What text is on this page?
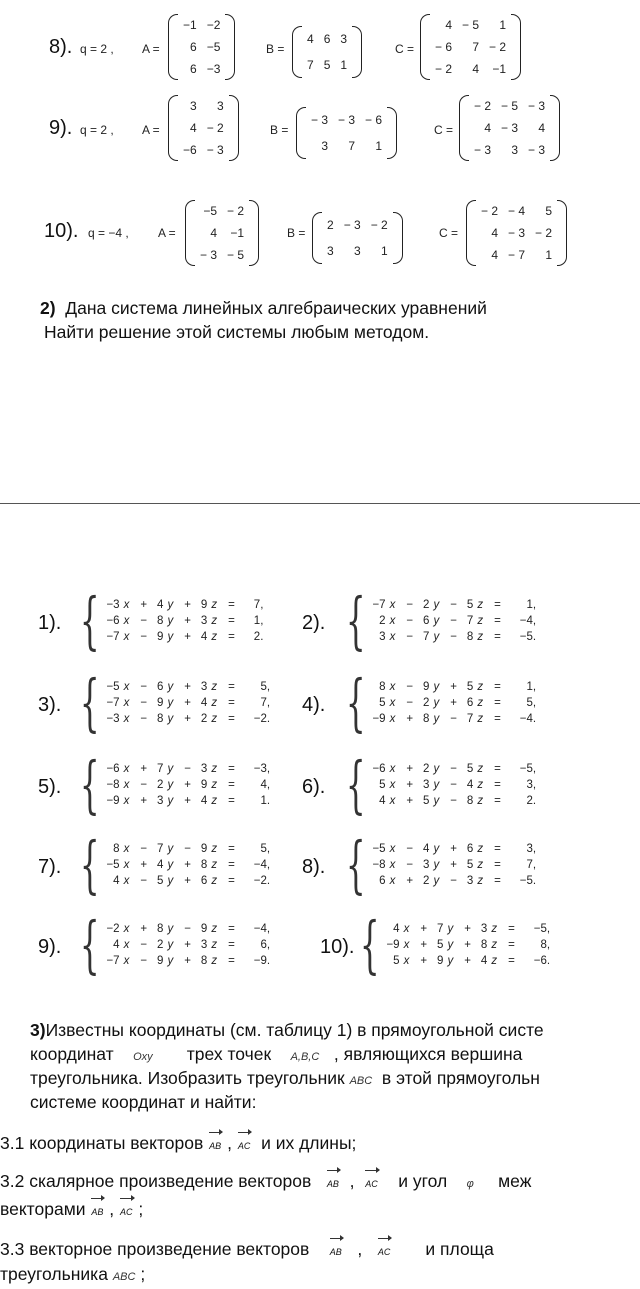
8). q = 2 , A =	B =	C =
−1	−2
6	−5
6	−3
4	6	3
7	5	1
4	− 5	1
− 6	7	− 2
− 2	4	−1
9). q = 2 , A =	B =	C =
3	3
4	− 2
−6	− 3
− 3	− 3	− 6
3	7	1
− 2	− 5	− 3
4	− 3	4
− 3	3	− 3
10). q = −4 , A =	B =	C =
−5	− 2
4	−1
− 3	− 5
2	− 3	− 2
3	3	1
− 2	− 4	5
4	− 3	− 2
4	− 7	1
2) Дана система линейных алгебраических уравнений
Найти решение этой системы любым методом.
1). { −3	x	+	4	y	+	9	z	=	7,
−6	x	−	8	y	+	3	z	=	1,
−7	x	−	9	y	+	4	z	=	2.
2). { −7	x	−	2	y	−	5	z	=	1,
2	x	−	6	y	−	7	z	=	−4,
3	x	−	7	y	−	8	z	=	−5.
3). { −5	x	−	6	y	+	3	z	=	5,
−7	x	−	9	y	+	4	z	=	7,
−3	x	−	8	y	+	2	z	=	−2.
4). { 8	x	−	9	y	+	5	z	=	1,
5	x	−	2	y	+	6	z	=	5,
−9	x	+	8	y	−	7	z	=	−4.
5). { −6	x	+	7	y	−	3	z	=	−3,
−8	x	−	2	y	+	9	z	=	4,
−9	x	+	3	y	+	4	z	=	1.
6). { −6	x	+	2	y	−	5	z	=	−5,
5	x	+	3	y	−	4	z	=	3,
4	x	+	5	y	−	8	z	=	2.
7). { 8	x	−	7	y	−	9	z	=	5,
−5	x	+	4	y	+	8	z	=	−4,
4	x	−	5	y	+	6	z	=	−2.
8). { −5	x	−	4	y	+	6	z	=	3,
−8	x	−	3	y	+	5	z	=	7,
6	x	+	2	y	−	3	z	=	−5.
9). { −2	x	+	8	y	−	9	z	=	−4,
4	x	−	2	y	+	3	z	=	6,
−7	x	−	9	y	+	8	z	=	−9.
10). { 4	x	+	7	y	+	3	z	=	−5,
−9	x	+	5	y	+	8	z	=	8,
5	x	+	9	y	+	4	z	=	−6.
3)Известны координаты (см. таблицу 1) в прямоугольной систе
координат Oxy трех точек A,B,C , являющихся вершина
треугольника. Изобразить треугольник ABC в этой прямоугольн
системе координат и найти:
3.1 координаты векторов AB , AC и их длины;
3.2 скалярное произведение векторов AB , AC и угол φ меж
векторами AB , AC ;
3.3 векторное произведение векторов AB , AC и площа
треугольника ABC ;
